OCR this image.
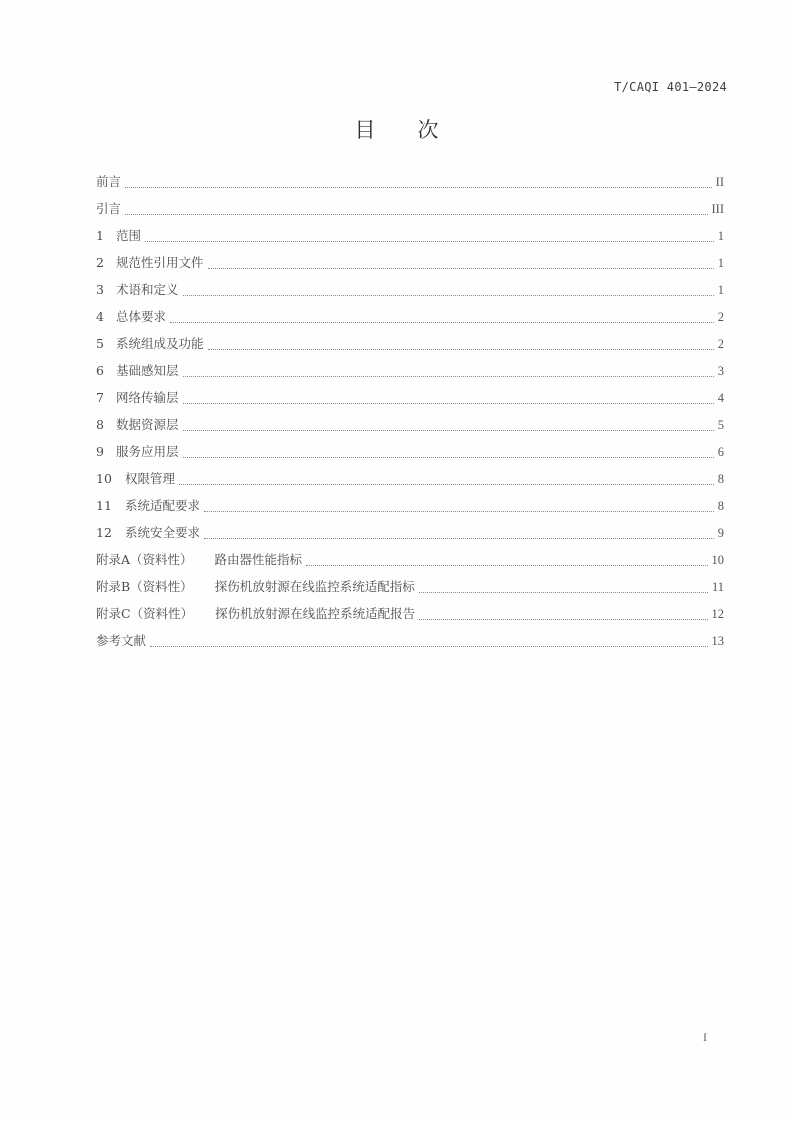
T/CAQI 401—2024
目次
前言	II
引言	III
1 范围	1
2 规范性引用文件	1
3 术语和定义	1
4 总体要求	2
5 系统组成及功能	2
6 基础感知层	3
7 网络传输层	4
8 数据资源层	5
9 服务应用层	6
10	权限管理	8
11	系统适配要求	8
12	系统安全要求	9
附录A（资料性） 路由器性能指标	10
附录B（资料性） 探伤机放射源在线监控系统适配指标	11
附录C（资料性） 探伤机放射源在线监控系统适配报告	12
参考文献	13
I
